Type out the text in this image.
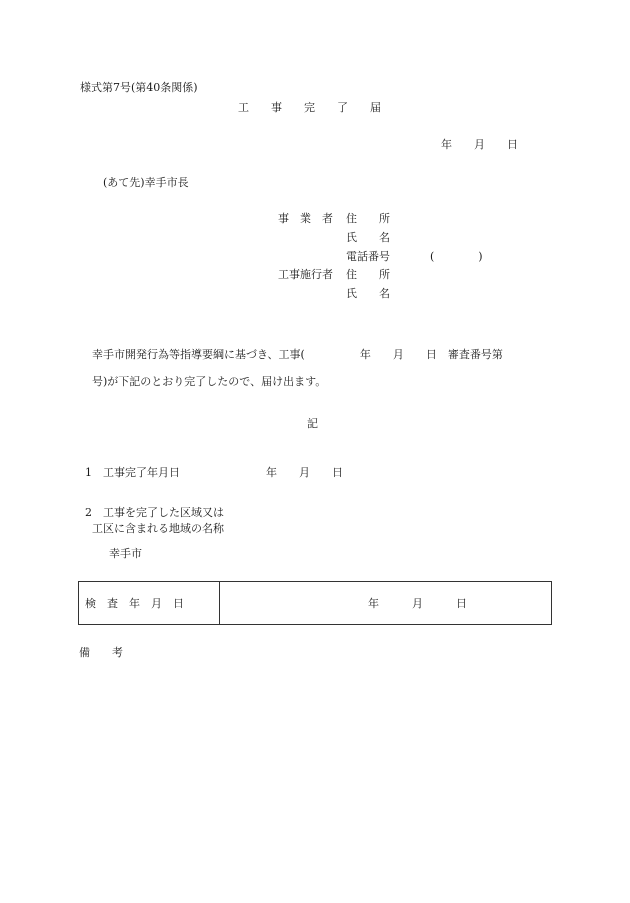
様式第7号(第40条関係)
工　　事　　完　　了　　届
年　　月　　日
(あて先)幸手市長
事　業　者 住　　所
氏　　名
電話番号	(　　　　)
工事施行者 住　　所
氏　　名
幸手市開発行為等指導要綱に基づき、工事(　　　　　年　　月　　日　審査番号第
号)が下記のとおり完了したので、届け出ます。
記
1　工事完了年月日	年　　月　　日
2　工事を完了した区域又は
工区に含まれる地域の名称
幸手市
検　査　年　月　日	年　　　月　　　日
備　　考
